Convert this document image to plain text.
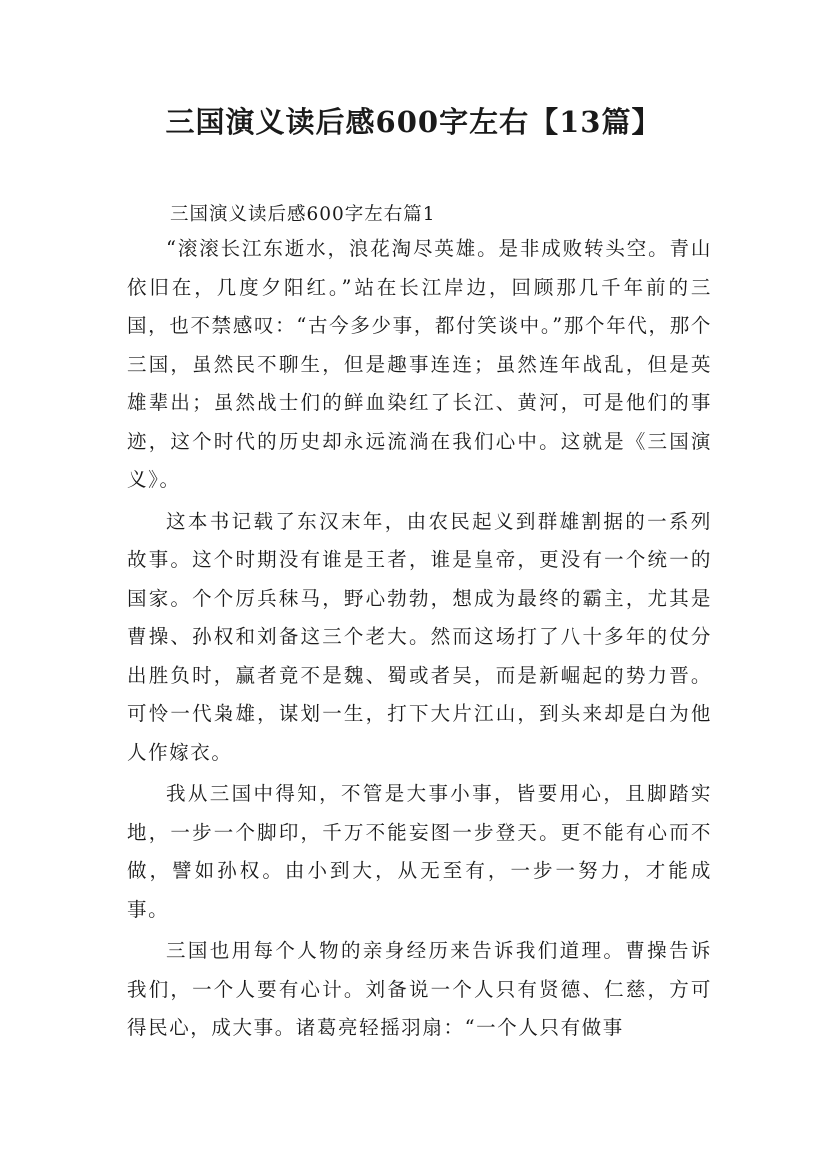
三国演义读后感600字左右【13篇】
三国演义读后感600字左右篇1

“滚滚长江东逝水，浪花淘尽英雄。是非成败转头空。青山依旧在，几度夕阳红。”站在长江岸边，回顾那几千年前的三国，也不禁感叹：“古今多少事，都付笑谈中。”那个年代，那个三国，虽然民不聊生，但是趣事连连；虽然连年战乱，但是英雄辈出；虽然战士们的鲜血染红了长江、黄河，可是他们的事迹，这个时代的历史却永远流淌在我们心中。这就是《三国演义》。

这本书记载了东汉末年，由农民起义到群雄割据的一系列故事。这个时期没有谁是王者，谁是皇帝，更没有一个统一的国家。个个厉兵秣马，野心勃勃，想成为最终的霸主，尤其是曹操、孙权和刘备这三个老大。然而这场打了八十多年的仗分出胜负时，赢者竟不是魏、蜀或者吴，而是新崛起的势力晋。可怜一代枭雄，谋划一生，打下大片江山，到头来却是白为他人作嫁衣。

我从三国中得知，不管是大事小事，皆要用心，且脚踏实地，一步一个脚印，千万不能妄图一步登天。更不能有心而不做，譬如孙权。由小到大，从无至有，一步一努力，才能成事。

三国也用每个人物的亲身经历来告诉我们道理。曹操告诉我们，一个人要有心计。刘备说一个人只有贤德、仁慈，方可得民心，成大事。诸葛亮轻摇羽扇：“一个人只有做事
